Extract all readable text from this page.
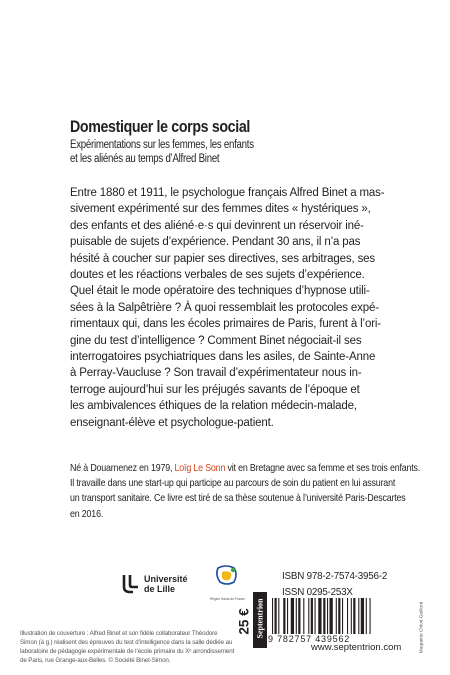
Domestiquer le corps social
Expérimentations sur les femmes, les enfants
et les aliénés au temps d’Alfred Binet
Entre 1880 et 1911, le psychologue français Alfred Binet a mas-
sivement expérimenté sur des femmes dites « hystériques »,
des enfants et des aliéné·e·s qui devinrent un réservoir iné-
puisable de sujets d’expérience. Pendant 30 ans, il n’a pas
hésité à coucher sur papier ses directives, ses arbitrages, ses
doutes et les réactions verbales de ses sujets d’expérience.
Quel était le mode opératoire des techniques d’hypnose utili-
sées à la Salpêtrière ? À quoi ressemblait les protocoles expé-
rimentaux qui, dans les écoles primaires de Paris, furent à l’ori-
gine du test d’intelligence ? Comment Binet négociait-il ses
interrogatoires psychiatriques dans les asiles, de Sainte-Anne
à Perray-Vaucluse ? Son travail d’expérimentateur nous in-
terroge aujourd’hui sur les préjugés savants de l’époque et
les ambivalences éthiques de la relation médecin-malade,
enseignant-élève et psychologue-patient.
Né à Douarnenez en 1979, Loïg Le Sonn vit en Bretagne avec sa femme et ses trois enfants.
Il travaille dans une start-up qui participe au parcours de soin du patient en lui assurant
un transport sanitaire. Ce livre est tiré de sa thèse soutenue à l’université Paris-Descartes
en 2016.
Université
de Lille
Région Hauts-de-France
Illustration de couverture : Alfred Binet et son fidèle collaborateur Théodore
Simon (à g.) réalisent des épreuves du test d’intelligence dans la salle dédiée au
laboratoire de pédagogie expérimentale de l’école primaire du Xᵉ arrondissement
de Paris, rue Grange-aux-Belles. © Société Binet-Simon.
25 €
ISBN 978-2-7574-3956-2
ISSN 0295-253X
Septentrion
9 782757 439562
www.septentrion.com	Maquette Chloé Guilloré
